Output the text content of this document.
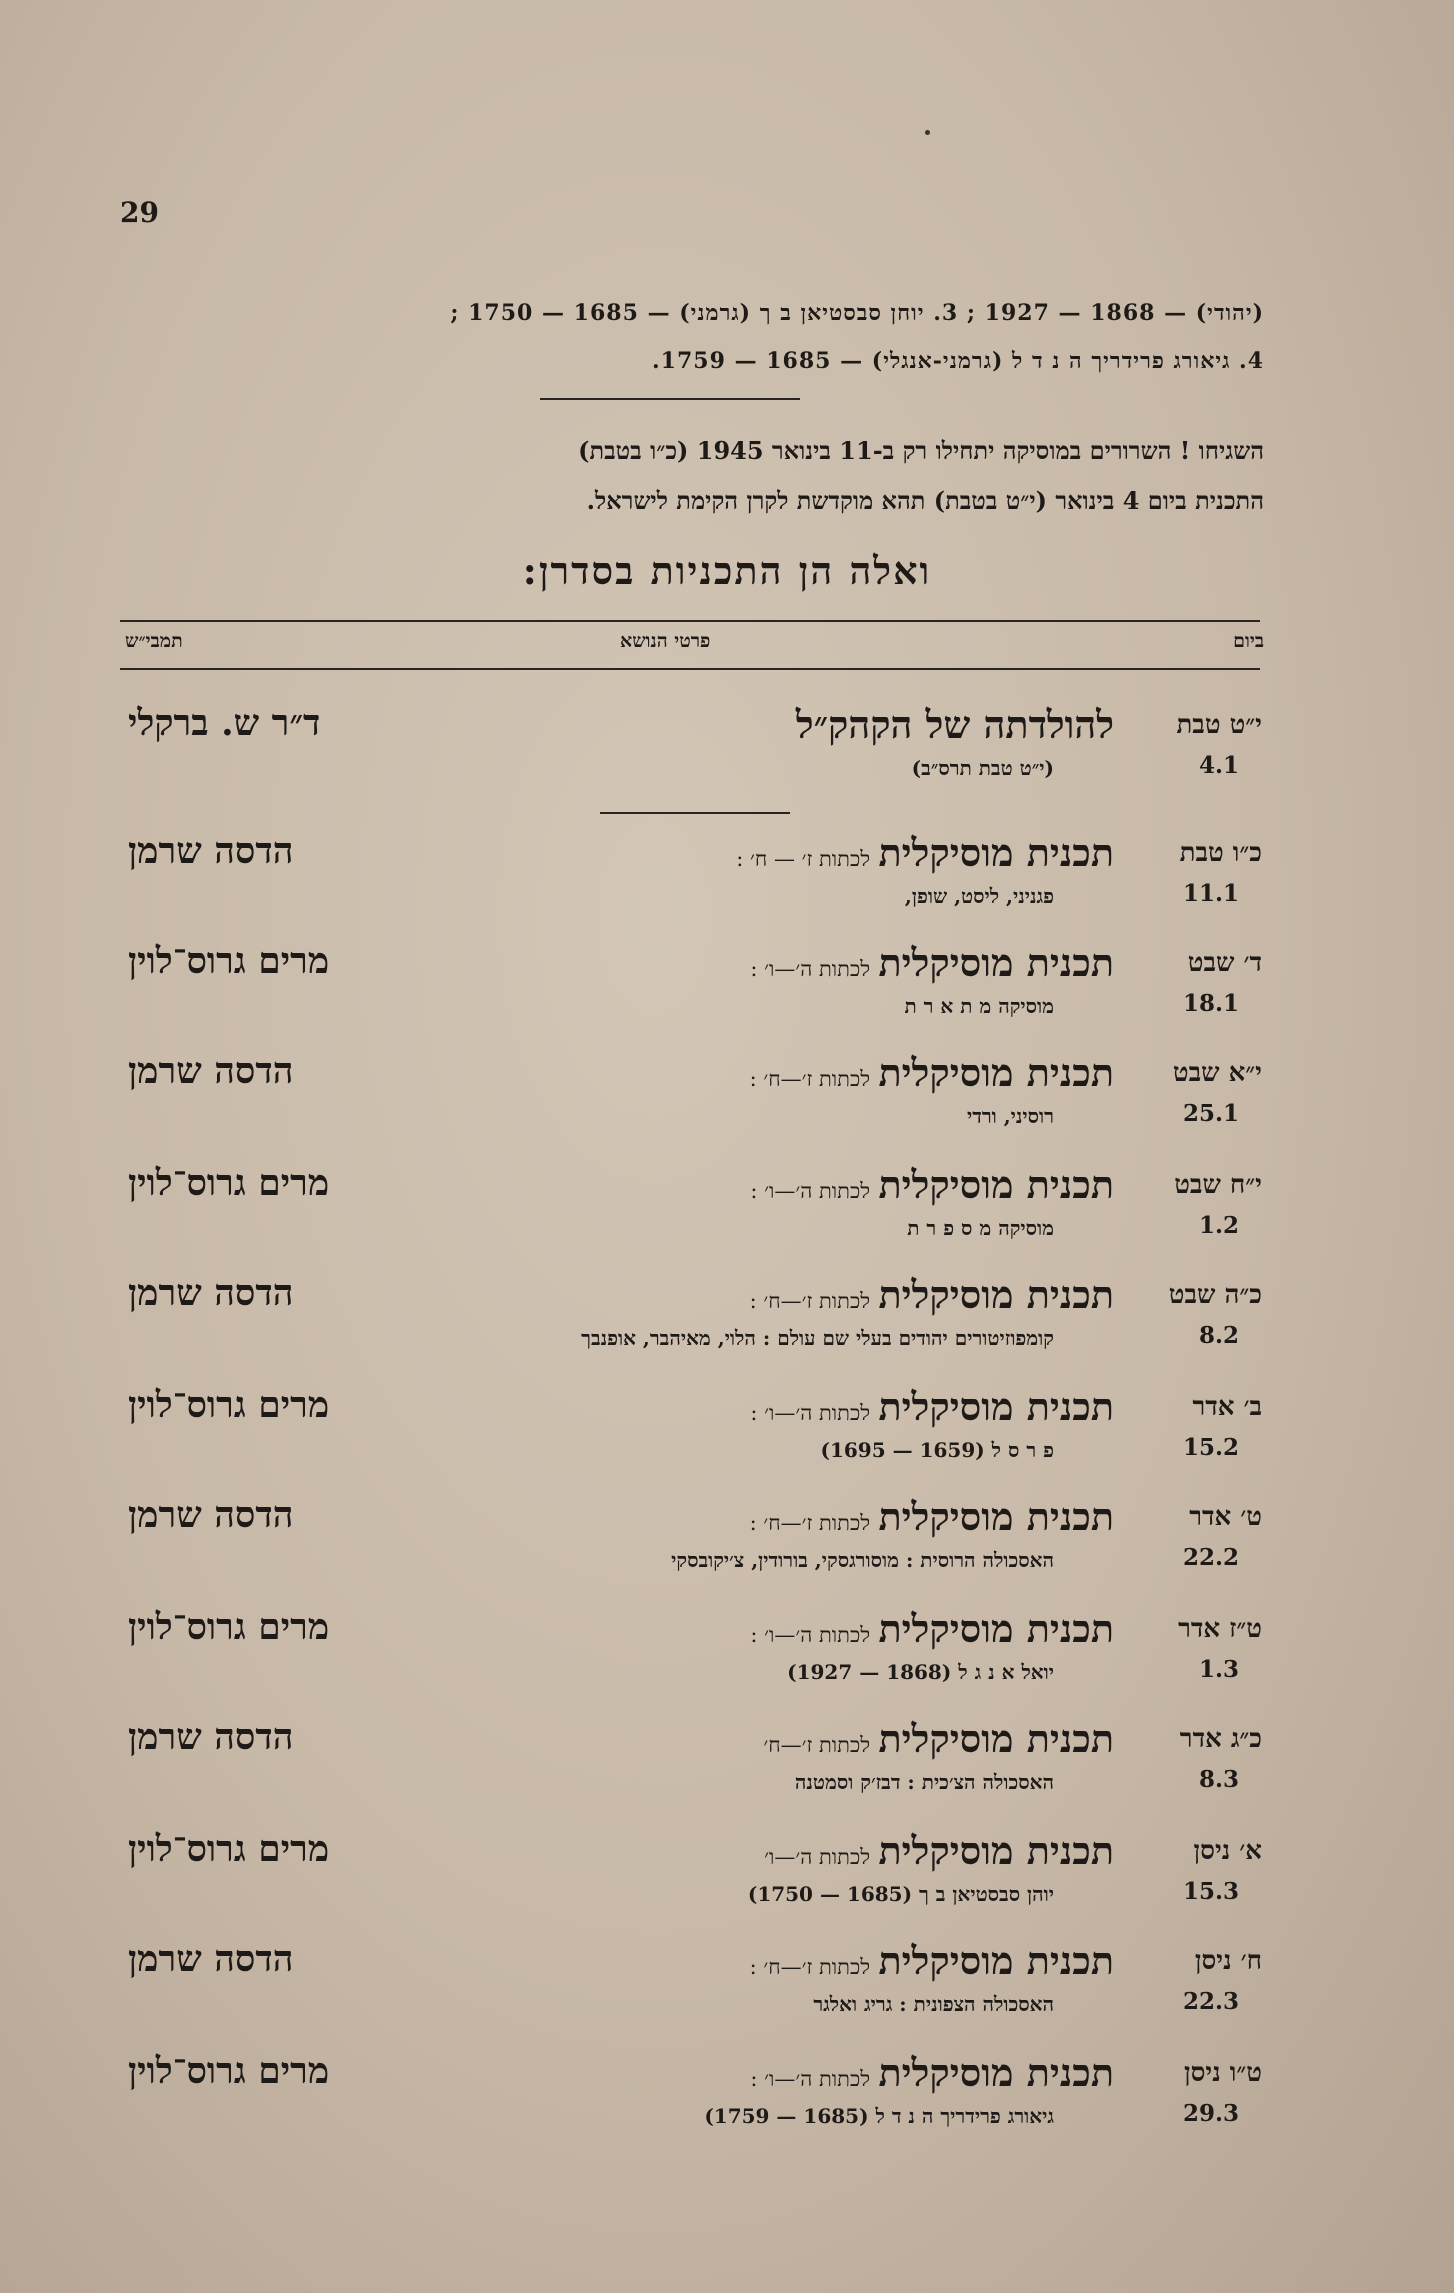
29
(יהודי) — 1868 — 1927 ; 3. יוחן סבסטיאן ב ך (גרמני) — 1685 — 1750 ;
4. גיאורג פרידריך ה נ ד ל (גרמני-אנגלי) — 1685 — 1759.
השגיחו ! השרורים במוסיקה יתחילו רק ב-11 בינואר 1945 (כ״ו בטבת)
התכנית ביום 4 בינואר (י״ט בטבת) תהא מוקדשת לקרן הקימת לישראל.
ואלה הן התכניות בסדרן:
ביום
פרטי הנושא
תמבי״ש
י״ט טבת
4.1
להולדתה של הקהק״ל
(י״ט טבת תרס״ב)
ד״ר ש. ברקלי
כ״ו טבת
11.1
תכנית מוסיקלית לכתות ז׳ — ח׳ :
פגניני, ליסט, שופן,
הדסה שרמן
ד׳ שבט
18.1
תכנית מוסיקלית לכתות ה׳—ו׳ :
מוסיקה מ ת א ר ת
מרים גרוס־לוין
י״א שבט
25.1
תכנית מוסיקלית לכתות ז׳—ח׳ :
רוסיני, ורדי
הדסה שרמן
י״ח שבט
1.2
תכנית מוסיקלית לכתות ה׳—ו׳ :
מוסיקה מ ס פ ר ת
מרים גרוס־לוין
כ״ה שבט
8.2
תכנית מוסיקלית לכתות ז׳—ח׳ :
קומפוזיטורים יהודים בעלי שם עולם : הלוי, מאיהבר, אופנבך
הדסה שרמן
ב׳ אדר
15.2
תכנית מוסיקלית לכתות ה׳—ו׳ :
פ ר ס ל (1659 — 1695)
מרים גרוס־לוין
ט׳ אדר
22.2
תכנית מוסיקלית לכתות ז׳—ח׳ :
האסכולה הרוסית : מוסורגסקי, בורודין, צ׳יקובסקי
הדסה שרמן
ט״ז אדר
1.3
תכנית מוסיקלית לכתות ה׳—ו׳ :
יואל א נ ג ל (1868 — 1927)
מרים גרוס־לוין
כ״ג אדר
8.3
תכנית מוסיקלית לכתות ז׳—ח׳
האסכולה הצ׳כית : דבז׳ק וסמטנה
הדסה שרמן
א׳ ניסן
15.3
תכנית מוסיקלית לכתות ה׳—ו׳
יוהן סבסטיאן ב ך (1685 — 1750)
מרים גרוס־לוין
ח׳ ניסן
22.3
תכנית מוסיקלית לכתות ז׳—ח׳ :
האסכולה הצפונית : גריג ואלגר
הדסה שרמן
ט״ו ניסן
29.3
תכנית מוסיקלית לכתות ה׳—ו׳ :
גיאורג פרידריך ה נ ד ל (1685 — 1759)
מרים גרוס־לוין
